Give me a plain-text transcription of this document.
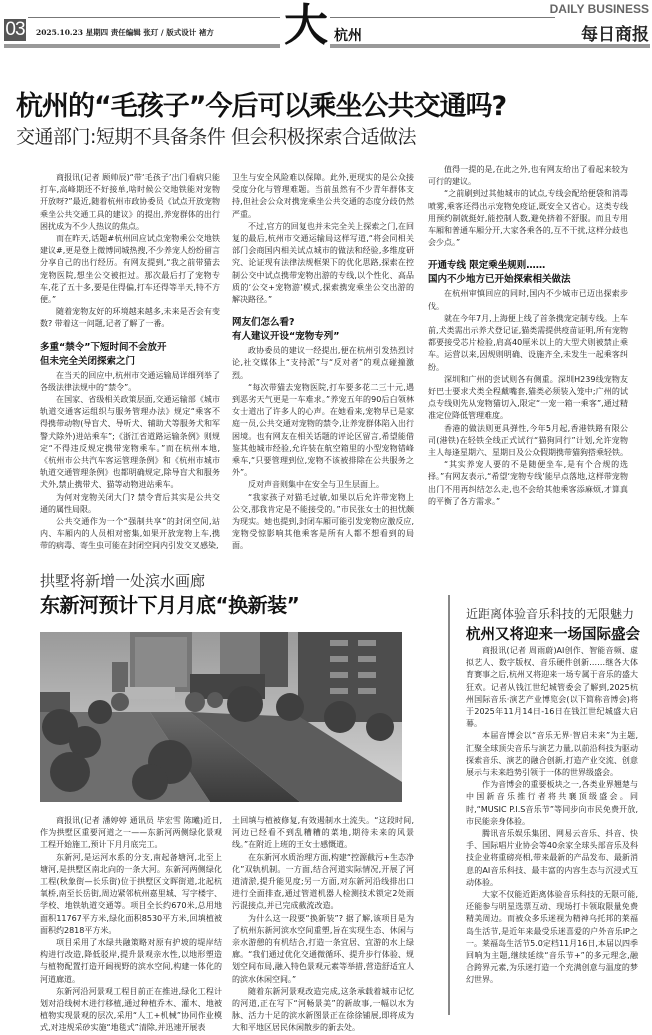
03 2025.10.23 星期四 责任编辑 张玎 / 版式设计 褚方 大 杭州
DAILY BUSINESS
每日商报
杭州的“毛孩子”今后可以乘坐公共交通吗?
交通部门:短期不具备条件 但会积极探索合适做法

商报讯(记者 顾帅辰)“带‘毛孩子’出门看病只能打车,高峰期还不好接单,啥时候公交地铁能对宠物开放呀?”最近,随着杭州市政协委员《试点开放宠物乘坐公共交通工具的建议》的提出,养宠群体的出行困扰成为不少人热议的焦点。

而在昨天,话题#杭州回应试点宠物乘公交地铁建议#,更是登上微博同城热搜,不少养宠人纷纷留言分享自己的出行经历。有网友提到,“我之前带猫去宠物医院,想坐公交被拒过。那次最后打了宠物专车,花了五十多,要是住得偏,打车还得等半天,特不方便。”

随着宠物友好的环境越来越多,未来是否会有变数? 带着这一问题,记者了解了一番。

多重“禁令”下短时间不会放开
但未完全关闭探索之门

在当天的回应中,杭州市交通运输局详细列举了各级法律法规中的“禁令”。

在国家、省级相关政策层面,交通运输部《城市轨道交通客运组织与服务管理办法》规定“乘客不得携带动物(导盲犬、导听犬、辅助犬等服务犬和军警犬除外)进站乘车”;《浙江省道路运输条例》则规定“不得违反规定携带宠物乘车。”而在杭州本地,《杭州市公共汽车客运管理条例》和《杭州市城市轨道交通管理条例》也都明确规定,除导盲犬和服务犬外,禁止携带犬、猫等动物进站乘车。

为何对宠物关闭大门? 禁令背后其实是公共交通的属性局限。

公共交通作为一个“强制共享”的封闭空间,站内、车厢内的人员相对密集,如果开放宠物上车,携带的病毒、寄生虫可能在封闭空间内引发交叉感染,

卫生与安全风险难以保障。此外,更现实的是公众接受度分化与管理难题。当前虽然有不少青年群体支持,但社会公众对携宠乘坐公共交通的态度分歧仍然严重。

不过,官方的回复也并未完全关上探索之门,在回复的最后,杭州市交通运输局这样写道,“将会同相关部门会商国内相关试点城市的做法和经验,多维度研究、论证现有法律法规框架下的优化思路,探索在控制公交中试点携带宠物出游的专线,以个性化、高品质的‘公交+宠物游’模式,探索携宠乘坐公交出游的解决路径。”

网友们怎么看?
有人建议开设“宠物专列”

政协委员的建议一经提出,便在杭州引发热烈讨论,社交媒体上“支持派”与“反对者”的观点碰撞激烈。

“每次带猫去宠物医院,打车要多花二三十元,遇到恶劣天气更是一车难求。”养宠五年的90后白领林女士道出了许多人的心声。在她看来,宠物早已是家庭一员,公共交通对宠物的禁令,让养宠群体陷入出行困境。也有网友在相关话题的评论区留言,希望能借鉴其他城市经验,允许装在航空箱里的小型宠物错峰乘车,“只要管理到位,宠物不该被排除在公共服务之外”。

反对声音则集中在安全与卫生层面上。

“我家孩子对猫毛过敏,如果以后允许带宠物上公交,那我肯定是不能接受的。”市民张女士的担忧颇为现实。她也提到,封闭车厢可能引发宠物应激反应,宠物受惊影响其他乘客是所有人都不想看到的局面。

值得一提的是,在此之外,也有网友给出了看起来较为可行的建议。

“之前刷到过其他城市的试点,专线会配给便袋和消毒喷雾,乘客还得出示宠物免疫证,既安全又省心。这类专线用预约制就挺好,能控制人数,避免挤着不舒服。而且专用车厢和普通车厢分开,大家各乘各的,互不干扰,这样分歧也会少点。”

开通专线 限定乘坐规则……
国内不少地方已开始探索相关做法

在杭州审慎回应的同时,国内不少城市已迈出探索步伐。

就在今年7月,上海便上线了首条携宠定制专线。上车前,犬类需出示养犬登记证,猫类需提供疫苗证明,所有宠物都要接受芯片检验,肩高40厘米以上的大型犬则被禁止乘车。运营以来,因规则明确、设施齐全,未发生一起乘客纠纷。

深圳和广州的尝试则各有侧重。深圳H239线宠物友好巴士要求犬类全程戴嘴套,猫类必须装入笼中;广州的试点专线则先从宠物猫切入,限定“一宠一箱一乘客”,通过精准定位降低管理难度。

香港的做法则更具弹性,今年5月起,香港铁路有限公司(港铁)在轻铁全线正式试行“猫狗同行”计划,允许宠物主人每逢星期六、星期日及公众假期携带猫狗搭乘轻铁。

“其实养宠人要的不是随便坐车,是有个合规的选择。”有网友表示,“希望‘宠物专线’能早点落地,这样带宠物出门不用再纠结怎么走,也不会给其他乘客添麻烦,才算真的平衡了各方需求。”

拱墅将新增一处滨水画廊
东新河预计下月月底“换新装”

商报讯(记者 潘婷婷 通讯员 毕宏雪 陈曦)近日,作为拱墅区重要河道之一——东新河两侧绿化景观工程开始施工,预计下月月底完工。

东新河,是运河水系的分支,南起备塘河,北至上塘河,是拱墅区南北向的一条大河。东新河两侧绿化工程(秋象街—长乐街)位于拱墅区文晖街道,北起杭氧桥,南至长岳街,周边紧邻杭州嘉里城、写字楼宇、学校、地铁轨道交通等。项目全长约670米,总用地面积11767平方米,绿化面积8530平方米,回填植被面积约2818平方米。

项目采用了水绿共融策略对原有护坡的堤岸结构进行改造,降低驳岸,提升景观亲水性,以地形塑造与植物配置打造开阔视野的滨水空间,构建一体化的河道廊道。

东新河沿河景观工程目前正在推进,绿化工程计划对沿线树木进行移植,通过种植乔木、灌木、地被植物实现景观的层次,采用“人工+机械”协同作业模式,对违规采砂实施“地毯式”清除,并迅速开展表

土回填与植被修复,有效遏制水土流失。“这段时间,河边已经看不到乱糟糟的菜地,期待未来的风景线。”在附近上班的王女士感慨道。

在东新河水质治理方面,构建“控源截污+生态净化”双轨机制。一方面,结合河道实际情况,开展了河道清淤,提升能见度;另一方面,对东新河沿线排出口进行全面排查,通过管道机器人检测技术锁定2处雨污混接点,并已完成截流改造。

为什么这一段要“换新装”? 据了解,该项目是为了杭州东新河滨水空间重塑,旨在实现生态、休闲与亲水游憩的有机结合,打造一条宜居、宜游的水上绿廊。“我们通过优化交通微循环、提升步行体验、规划空间布局,融入特色景观元素等举措,营造舒适宜人的滨水休闲空间。”

随着东新河景观改造完成,这条承载着城市记忆的河道,正在写下“河畅景美”的新故事,一幅以水为脉、活力十足的滨水新图景正在徐徐铺展,即将成为大和平地区居民休闲散步的新去处。

近距离体验音乐科技的无限魅力
杭州又将迎来一场国际盛会

商报讯(记者 周雨蔚)AI创作、智能音频、虚拟艺人、数字版权、音乐硬件创新……继各大体育赛事之后,杭州又将迎来一场专属于音乐的盛大狂欢。记者从钱江世纪城管委会了解到,2025杭州国际音乐·演艺产业博览会(以下简称音博会)将于2025年11月14日-16日在钱江世纪城盛大启幕。

本届音博会以“音乐无界·智启未来”为主题,汇聚全球顶尖音乐与演艺力量,以前沿科技为驱动探索音乐、演艺的融合创新,打造产业交流、创意展示与未来趋势引领于一体的世界级盛会。

作为音博会的重要板块之一,各类业界翘楚与中国新音乐推行者将共襄顶级盛会。同时,“MUSIC P.I.S音乐节”等同步向市民免费开放,市民能亲身体验。

腾讯音乐娱乐集团、网易云音乐、抖音、快手、国际唱片业协会等40余家全球头部音乐及科技企业将重磅亮相,带来最新的产品发布、最新消息的AI音乐科技、最丰富的内容生态与沉浸式互动体验。

大家不仅能近距离体验音乐科技的无限可能,还能参与明星选票互动、现场打卡领取限量免费精美周边。而被众多乐迷视为精神乌托邦的莱福岛生活节,是近年来最受乐迷喜爱的户外音乐IP之一。莱福岛生活节5.0定档11月16日,本届以四季回响为主题,继续延续“音乐节+”的多元理念,融合跨界元素,为乐迷打造一个充满创意与温度的梦幻世界。
